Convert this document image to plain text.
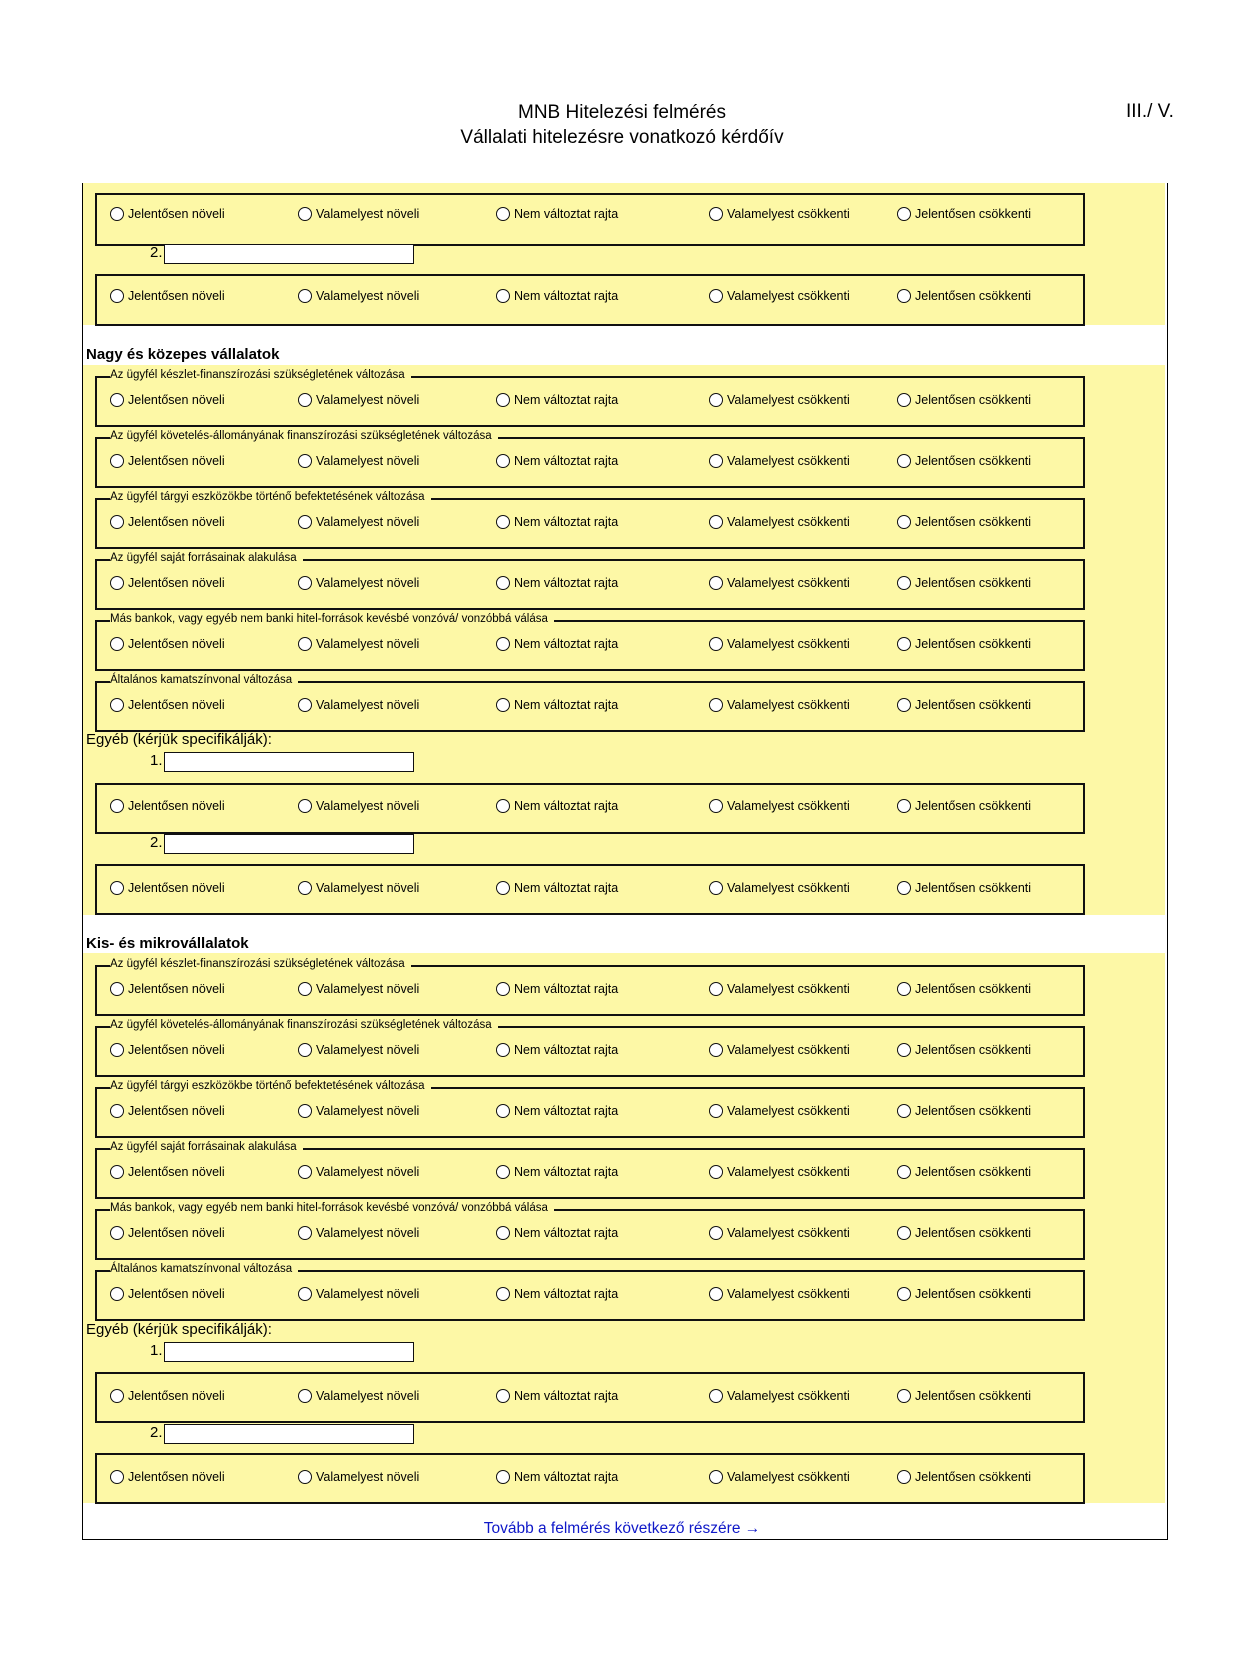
MNB Hitelezési felmérés
Vállalati hitelezésre vonatkozó kérdőív
III./ V.
2.
Nagy és közepes vállalatok
Az ügyfél készlet-finanszírozási szükségletének változása
Az ügyfél követelés-állományának finanszírozási szükségletének változása
Az ügyfél tárgyi eszközökbe történő befektetésének változása
Az ügyfél saját forrásainak alakulása
Más bankok, vagy egyéb nem banki hitel-források kevésbé vonzóvá/ vonzóbbá válása
Általános kamatszínvonal változása
Egyéb (kérjük specifikálják):
1.
2.
Kis- és mikrovállalatok
Az ügyfél készlet-finanszírozási szükségletének változása
Az ügyfél követelés-állományának finanszírozási szükségletének változása
Az ügyfél tárgyi eszközökbe történő befektetésének változása
Az ügyfél saját forrásainak alakulása
Más bankok, vagy egyéb nem banki hitel-források kevésbé vonzóvá/ vonzóbbá válása
Általános kamatszínvonal változása
Egyéb (kérjük specifikálják):
1.
2.
Jelentősen növeli	Valamelyest növeli	Nem változtat rajta	Valamelyest csökkenti	Jelentősen csökkenti
Jelentősen növeli	Valamelyest növeli	Nem változtat rajta	Valamelyest csökkenti	Jelentősen csökkenti
Jelentősen növeli	Valamelyest növeli	Nem változtat rajta	Valamelyest csökkenti	Jelentősen csökkenti
Jelentősen növeli	Valamelyest növeli	Nem változtat rajta	Valamelyest csökkenti	Jelentősen csökkenti
Jelentősen növeli	Valamelyest növeli	Nem változtat rajta	Valamelyest csökkenti	Jelentősen csökkenti
Jelentősen növeli	Valamelyest növeli	Nem változtat rajta	Valamelyest csökkenti	Jelentősen csökkenti
Jelentősen növeli	Valamelyest növeli	Nem változtat rajta	Valamelyest csökkenti	Jelentősen csökkenti
Jelentősen növeli	Valamelyest növeli	Nem változtat rajta	Valamelyest csökkenti	Jelentősen csökkenti
Jelentősen növeli	Valamelyest növeli	Nem változtat rajta	Valamelyest csökkenti	Jelentősen csökkenti
Jelentősen növeli	Valamelyest növeli	Nem változtat rajta	Valamelyest csökkenti	Jelentősen csökkenti
Jelentősen növeli	Valamelyest növeli	Nem változtat rajta	Valamelyest csökkenti	Jelentősen csökkenti
Jelentősen növeli	Valamelyest növeli	Nem változtat rajta	Valamelyest csökkenti	Jelentősen csökkenti
Jelentősen növeli	Valamelyest növeli	Nem változtat rajta	Valamelyest csökkenti	Jelentősen csökkenti
Jelentősen növeli	Valamelyest növeli	Nem változtat rajta	Valamelyest csökkenti	Jelentősen csökkenti
Jelentősen növeli	Valamelyest növeli	Nem változtat rajta	Valamelyest csökkenti	Jelentősen csökkenti
Jelentősen növeli	Valamelyest növeli	Nem változtat rajta	Valamelyest csökkenti	Jelentősen csökkenti
Jelentősen növeli	Valamelyest növeli	Nem változtat rajta	Valamelyest csökkenti	Jelentősen csökkenti
Jelentősen növeli	Valamelyest növeli	Nem változtat rajta	Valamelyest csökkenti	Jelentősen csökkenti
Tovább a felmérés következő részére →
